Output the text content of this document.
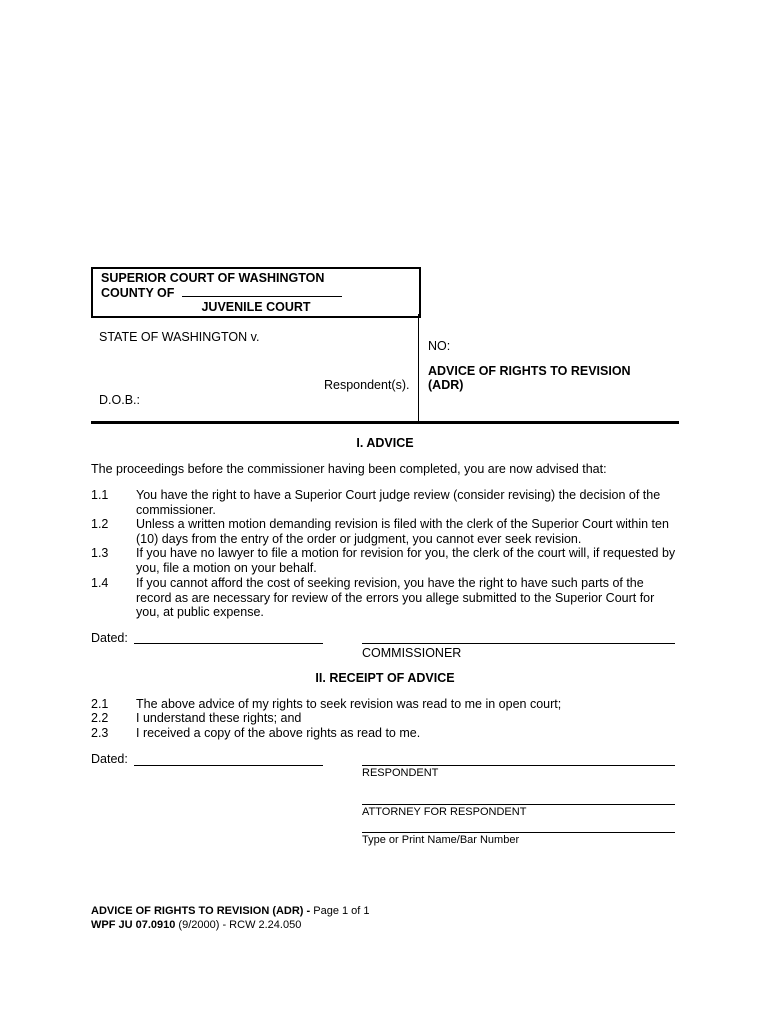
SUPERIOR COURT OF WASHINGTON
COUNTY OF
JUVENILE COURT
STATE OF WASHINGTON v.
Respondent(s).
D.O.B.:
NO:
ADVICE OF RIGHTS TO REVISION
(ADR)
I. ADVICE
The proceedings before the commissioner having been completed, you are now advised that:
1.1 You have the right to have a Superior Court judge review (consider revising) the decision of the commissioner.
1.2 Unless a written motion demanding revision is filed with the clerk of the Superior Court within ten (10) days from the entry of the order or judgment, you cannot ever seek revision.
1.3 If you have no lawyer to file a motion for revision for you, the clerk of the court will, if requested by you, file a motion on your behalf.
1.4 If you cannot afford the cost of seeking revision, you have the right to have such parts of the record as are necessary for review of the errors you allege submitted to the Superior Court for you, at public expense.
Dated:
COMMISSIONER
II. RECEIPT OF ADVICE
2.1 The above advice of my rights to seek revision was read to me in open court;
2.2 I understand these rights; and
2.3 I received a copy of the above rights as read to me.
Dated:
RESPONDENT
ATTORNEY FOR RESPONDENT
Type or Print Name/Bar Number
ADVICE OF RIGHTS TO REVISION (ADR) - Page 1 of 1
WPF JU 07.0910 (9/2000) - RCW 2.24.050
